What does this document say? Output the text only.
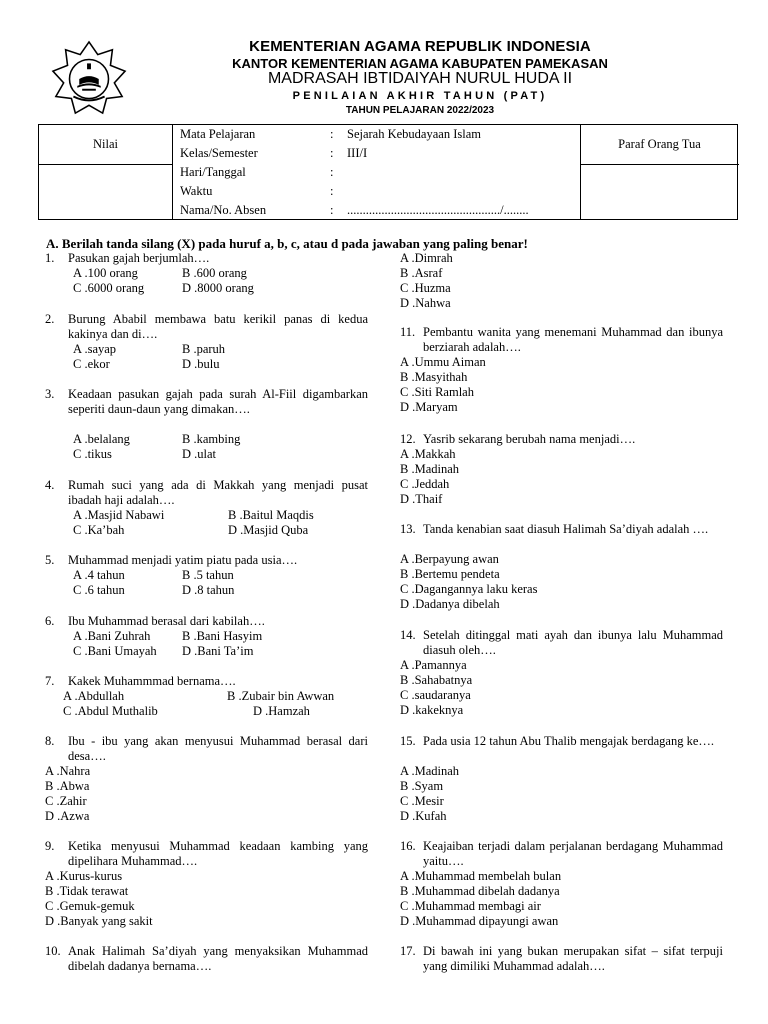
KEMENTERIAN AGAMA REPUBLIK INDONESIA
KANTOR KEMENTERIAN AGAMA KABUPATEN PAMEKASAN
MADRASAH IBTIDAIYAH NURUL HUDA II
PENILAIAN AKHIR TAHUN (PAT)
TAHUN PELAJARAN 2022/2023
Nilai	Paraf Orang Tua
Mata Pelajaran	: Sejarah Kebudayaan Islam
Kelas/Semester	: III/I
Hari/Tanggal	:
Waktu	:
Nama/No. Absen	: ................................................./........
A. Berilah tanda silang (X) pada huruf a, b, c, atau d pada jawaban yang paling benar!
1. Pasukan gajah berjumlah….
A .100 orang	B .600 orang
C .6000 orang	D .8000 orang
2. Burung Ababil membawa batu kerikil panas di kedua kakinya dan di….
A .sayap	B .paruh
C .ekor	D .bulu
3. Keadaan pasukan gajah pada surah Al-Fiil digambarkan seperiti daun-daun yang dimakan….
A .belalang	B .kambing
C .tikus	D .ulat
4. Rumah suci yang ada di Makkah yang menjadi pusat ibadah haji adalah….
A .Masjid Nabawi	B .Baitul Maqdis
C .Ka’bah	D .Masjid Quba
5. Muhammad menjadi yatim piatu pada usia….
A .4 tahun	B .5 tahun
C .6 tahun	D .8 tahun
6. Ibu Muhammad berasal dari kabilah….
A .Bani Zuhrah	B .Bani Hasyim
C .Bani Umayah D .Bani Ta’im
7. Kakek Muhammmad bernama….
A .Abdullah	B .Zubair bin Awwan
C .Abdul Muthalib	D .Hamzah
8. Ibu - ibu yang akan menyusui Muhammad berasal dari desa….
A .Nahra
B .Abwa
C .Zahir
D .Azwa
9. Ketika menyusui Muhammad keadaan kambing yang dipelihara Muhammad….
A .Kurus-kurus
B .Tidak terawat
C .Gemuk-gemuk
D .Banyak yang sakit
10. Anak Halimah Sa’diyah yang menyaksikan Muhammad dibelah dadanya bernama….
A .Dimrah
B .Asraf
C .Huzma
D .Nahwa
11. Pembantu wanita yang menemani Muhammad dan ibunya berziarah adalah….
A .Ummu Aiman
B .Masyithah
C .Siti Ramlah
D .Maryam
12. Yasrib sekarang berubah nama menjadi….
A .Makkah
B .Madinah
C .Jeddah
D .Thaif
13. Tanda kenabian saat diasuh Halimah Sa’diyah adalah ….
A .Berpayung awan
B .Bertemu pendeta
C .Dagangannya laku keras
D .Dadanya dibelah
14. Setelah ditinggal mati ayah dan ibunya lalu Muhammad diasuh oleh….
A .Pamannya
B .Sahabatnya
C .saudaranya
D .kakeknya
15. Pada usia 12 tahun Abu Thalib mengajak berdagang ke….
A .Madinah
B .Syam
C .Mesir
D .Kufah
16. Keajaiban terjadi dalam perjalanan berdagang Muhammad yaitu….
A .Muhammad membelah bulan
B .Muhammad dibelah dadanya
C .Muhammad membagi air
D .Muhammad dipayungi awan
17. Di bawah ini yang bukan merupakan sifat – sifat terpuji yang dimiliki Muhammad adalah….
